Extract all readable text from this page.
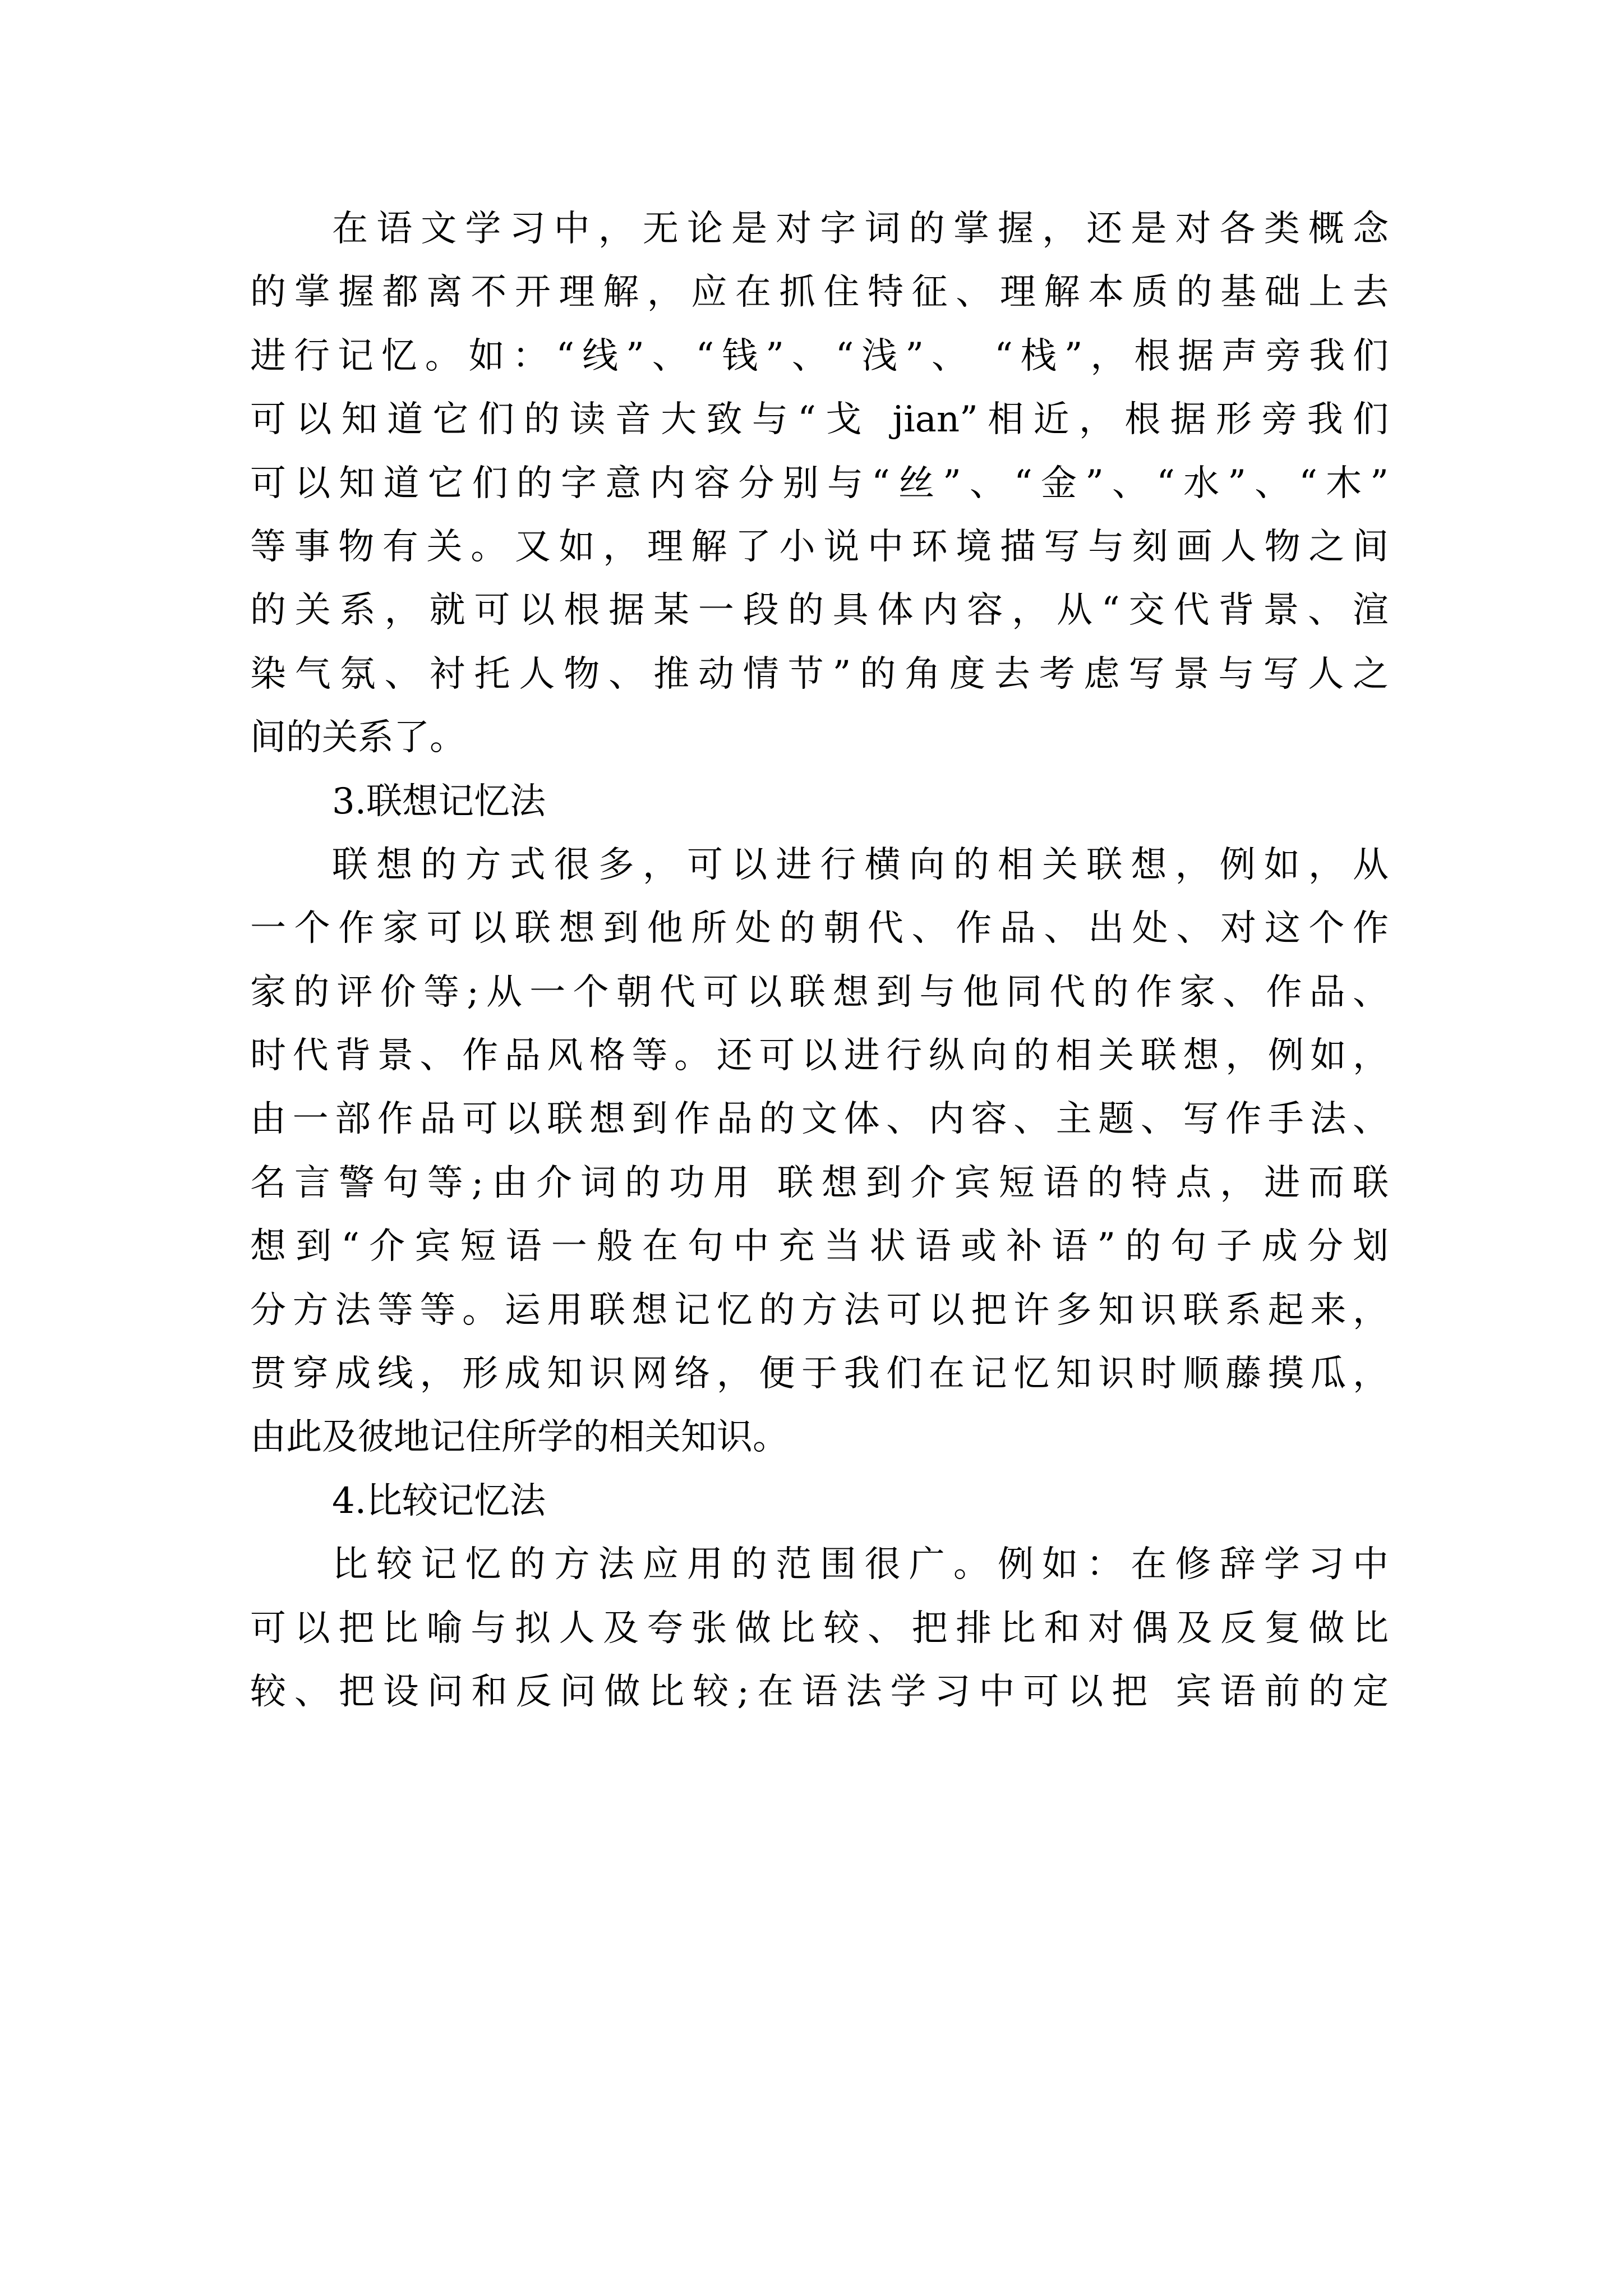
在语文学习中，无论是对字词的掌握，还是对各类概念
的掌握都离不开理解，应在抓住特征、理解本质的基础上去
进行记忆。如：“线”、“钱”、“浅”、 “栈”，根据声旁我们
可以知道它们的读音大致与“戈 jian”相近，根据形旁我们
可以知道它们的字意内容分别与“丝”、“金”、“水”、“木”
等事物有关。又如，理解了小说中环境描写与刻画人物之间
的关系，就可以根据某一段的具体内容，从“交代背景、渲
染气氛、衬托人物、推动情节”的角度去考虑写景与写人之
间的关系了。
3.联想记忆法
联想的方式很多，可以进行横向的相关联想，例如，从
一个作家可以联想到他所处的朝代、作品、出处、对这个作
家的评价等;从一个朝代可以联想到与他同代的作家、作品、
时代背景、作品风格等。还可以进行纵向的相关联想，例如，
由一部作品可以联想到作品的文体、内容、主题、写作手法、
名言警句等;由介词的功用 联想到介宾短语的特点，进而联
想到“介宾短语一般在句中充当状语或补语”的句子成分划
分方法等等。运用联想记忆的方法可以把许多知识联系起来，
贯穿成线，形成知识网络，便于我们在记忆知识时顺藤摸瓜，
由此及彼地记住所学的相关知识。
4.比较记忆法
比较记忆的方法应用的范围很广。例如：在修辞学习中
可以把比喻与拟人及夸张做比较、把排比和对偶及反复做比
较、把设问和反问做比较;在语法学习中可以把 宾语前的定
